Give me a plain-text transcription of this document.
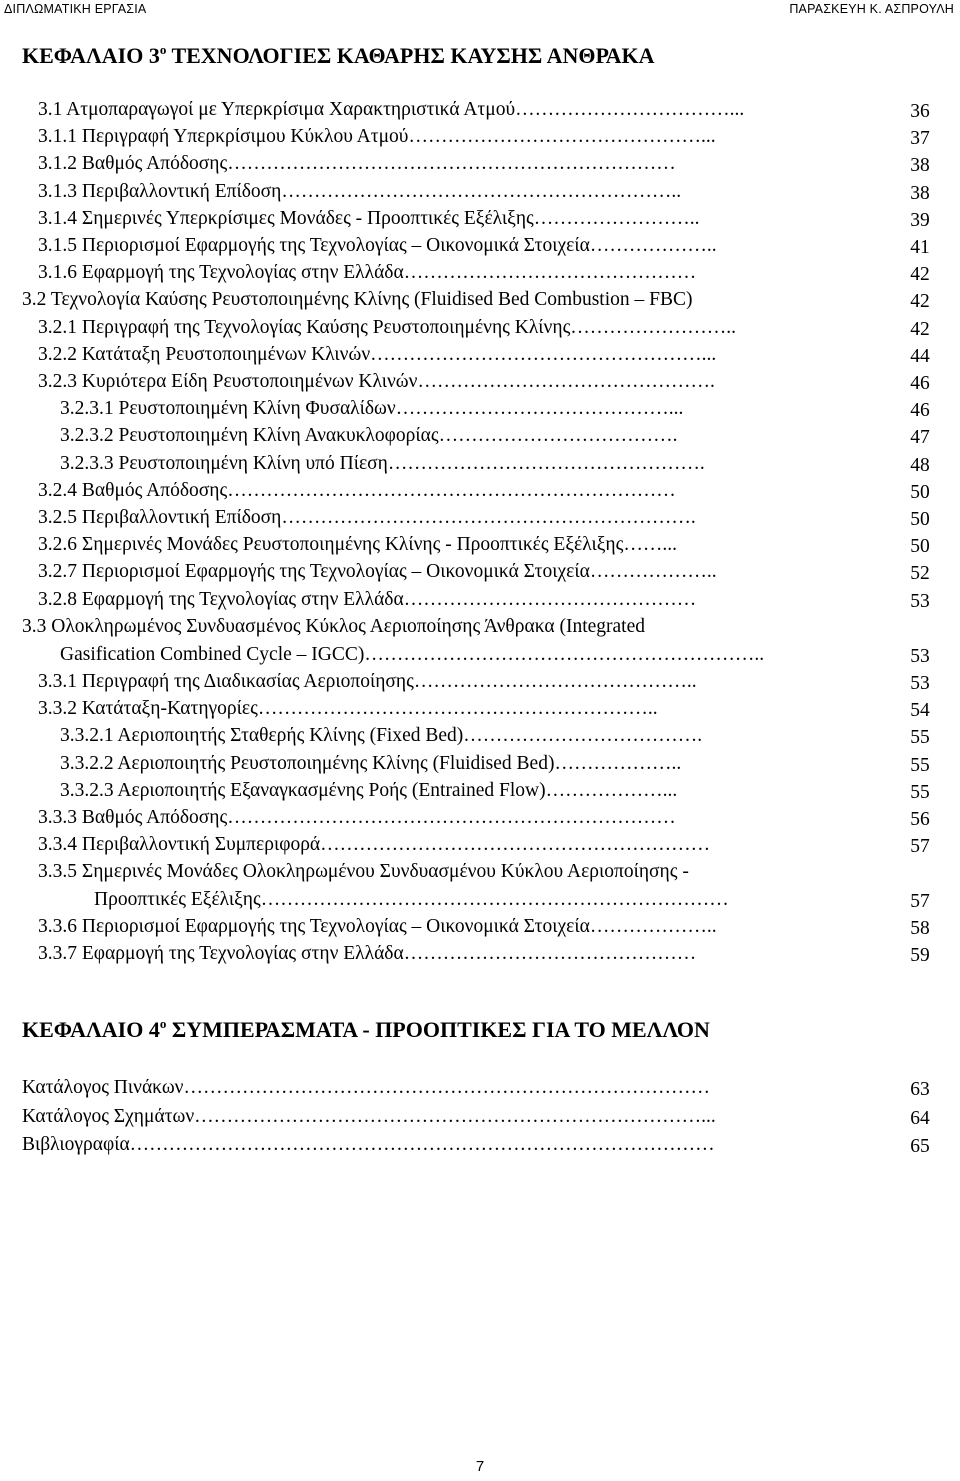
ΔΙΠΛΩΜΑΤΙΚΗ ΕΡΓΑΣΙΑ	ΠΑΡΑΣΚΕΥΗ Κ. ΑΣΠΡΟΥΛΗ
ΚΕΦΑΛΑΙΟ $3^o$ ΤΕΧΝΟΛΟΓΙΕΣ ΚΑΘΑΡΗΣ ΚΑΥΣΗΣ ΑΝΘΡΑΚΑ
3.1 Ατμοπαραγωγοί με Υπερκρίσιμα Χαρακτηριστικά Ατμού……………………………...	36
3.1.1 Περιγραφή Υπερκρίσιμου Κύκλου Ατμού………………………………………...	37
3.1.2 Βαθμός Απόδοσης……………………………………………………………	38
3.1.3 Περιβαλλοντική Επίδοση……………………………………………………..	38
3.1.4 Σημερινές Υπερκρίσιμες Μονάδες - Προοπτικές Εξέλιξης……………………..	39
3.1.5 Περιορισμοί Εφαρμογής της Τεχνολογίας – Οικονομικά Στοιχεία………………..	41
3.1.6 Εφαρμογή της Τεχνολογίας στην Ελλάδα………………………………………	42
3.2 Τεχνολογία Καύσης Ρευστοποιημένης Κλίνης (Fluidised Bed Combustion – FBC)	42
3.2.1 Περιγραφή της Τεχνολογίας Καύσης Ρευστοποιημένης Κλίνης……………………..	42
3.2.2 Κατάταξη Ρευστοποιημένων Κλινών……………………………………………...	44
3.2.3 Κυριότερα Είδη Ρευστοποιημένων Κλινών……………………………………….	46
3.2.3.1 Ρευστοποιημένη Κλίνη Φυσαλίδων……………………………………...	46
3.2.3.2 Ρευστοποιημένη Κλίνη Ανακυκλοφορίας……………………………….	47
3.2.3.3 Ρευστοποιημένη Κλίνη υπό Πίεση………………………………………….	48
3.2.4 Βαθμός Απόδοσης……………………………………………………………	50
3.2.5 Περιβαλλοντική Επίδοση……………………………………………………….	50
3.2.6 Σημερινές Μονάδες Ρευστοποιημένης Κλίνης - Προοπτικές Εξέλιξης……...	50
3.2.7 Περιορισμοί Εφαρμογής της Τεχνολογίας – Οικονομικά Στοιχεία………………..	52
3.2.8 Εφαρμογή της Τεχνολογίας στην Ελλάδα………………………………………	53
3.3 Ολοκληρωμένος Συνδυασμένος Κύκλος Αεριοποίησης Άνθρακα (Integrated
Gasification Combined Cycle – IGCC)……………………………………………………..	53
3.3.1 Περιγραφή της Διαδικασίας Αεριοποίησης……………………………………..	53
3.3.2 Κατάταξη-Κατηγορίες……………………………………………………..	54
3.3.2.1 Αεριοποιητής Σταθερής Κλίνης (Fixed Bed)……………………………….	55
3.3.2.2 Αεριοποιητής Ρευστοποιημένης Κλίνης (Fluidised Bed)………………..	55
3.3.2.3 Αεριοποιητής Εξαναγκασμένης Ροής (Entrained Flow)………………...	55
3.3.3 Βαθμός Απόδοσης……………………………………………………………	56
3.3.4 Περιβαλλοντική Συμπεριφορά……………………………………………………	57
3.3.5 Σημερινές Μονάδες Ολοκληρωμένου Συνδυασμένου Κύκλου Αεριοποίησης -
Προοπτικές Εξέλιξης………………………………………………………………	57
3.3.6 Περιορισμοί Εφαρμογής της Τεχνολογίας – Οικονομικά Στοιχεία………………..	58
3.3.7 Εφαρμογή της Τεχνολογίας στην Ελλάδα………………………………………	59
ΚΕΦΑΛΑΙΟ $4^o$ ΣΥΜΠΕΡΑΣΜΑΤΑ - ΠΡΟΟΠΤΙΚΕΣ ΓΙΑ ΤΟ ΜΕΛΛΟΝ
Κατάλογος Πινάκων………………………………………………………………………	63
Κατάλογος Σχημάτων……………………………………………………………………...	64
Βιβλιογραφία………………………………………………………………………………	65
7
